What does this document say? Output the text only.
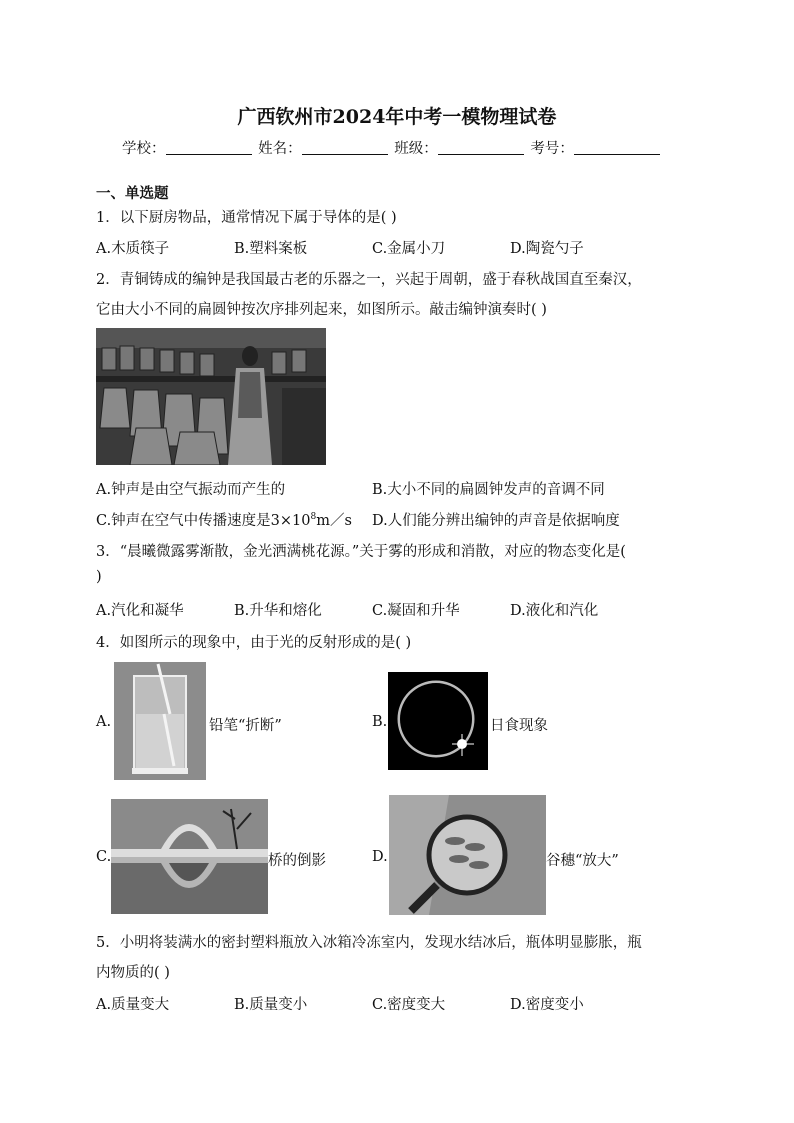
广西钦州市2024年中考一模物理试卷
学校：	姓名：	班级：	考号：
一、单选题
1．以下厨房物品，通常情况下属于导体的是( )
A.木质筷子	B.塑料案板	C.金属小刀	D.陶瓷勺子
2．青铜铸成的编钟是我国最古老的乐器之一，兴起于周朝，盛于春秋战国直至秦汉，
它由大小不同的扁圆钟按次序排列起来，如图所示。敲击编钟演奏时( )
A.钟声是由空气振动而产生的	B.大小不同的扁圆钟发声的音调不同
C.钟声在空气中传播速度是$3\times 10^8m/s$ D.人们能分辨出编钟的声音是依据响度
3．“晨曦微露雾渐散，金光洒满桃花源。”关于雾的形成和消散，对应的物态变化是(
)
A.汽化和凝华	B.升华和熔化	C.凝固和升华	D.液化和汽化
4．如图所示的现象中，由于光的反射形成的是( )
A.	铅笔“折断”	B.	日食现象
C.	桥的倒影	D.	谷穗“放大”
5．小明将装满水的密封塑料瓶放入冰箱冷冻室内，发现水结冰后，瓶体明显膨胀，瓶
内物质的( )
A.质量变大	B.质量变小	C.密度变大	D.密度变小
